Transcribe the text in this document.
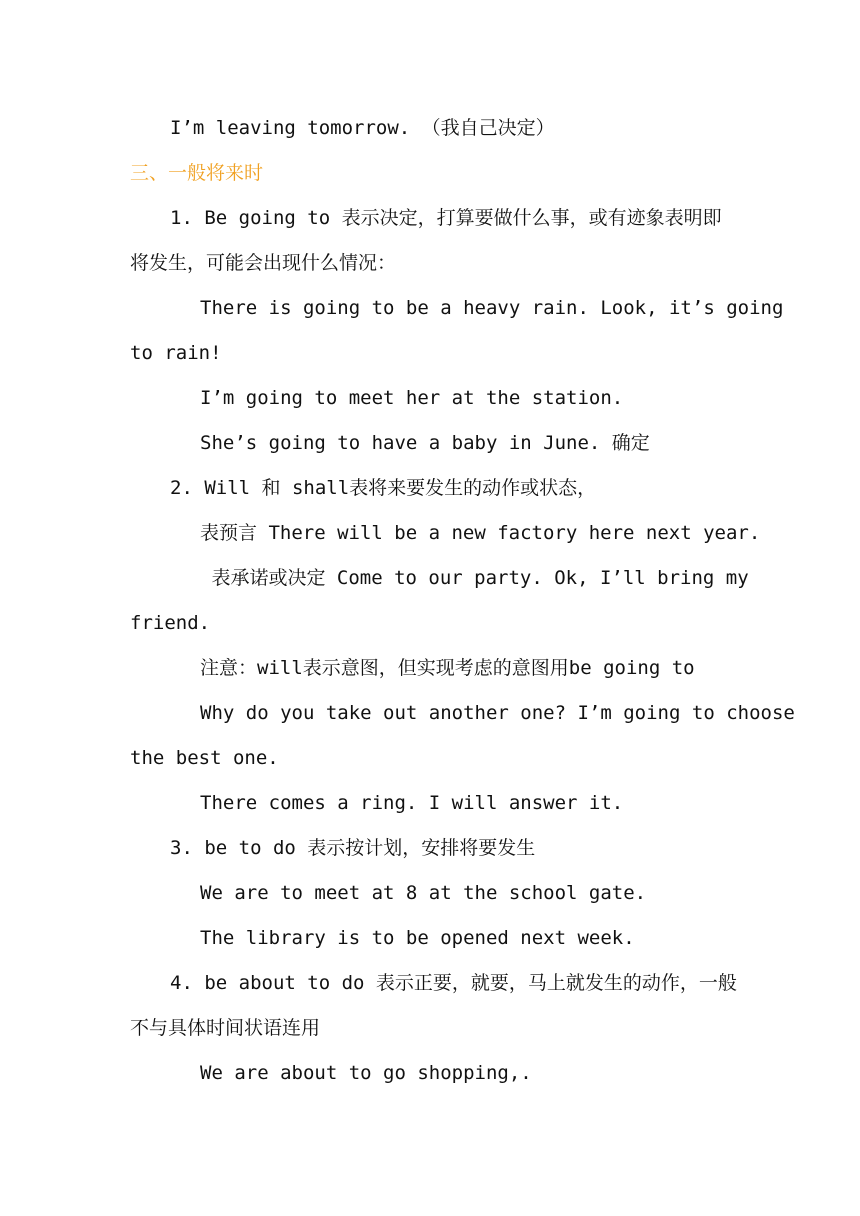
I’m leaving tomorrow. （我自己决定）
三、一般将来时
1. Be going to 表示决定，打算要做什么事，或有迹象表明即
将发生，可能会出现什么情况：
There is going to be a heavy rain. Look, it’s going
to rain!
I’m going to meet her at the station.
She’s going to have a baby in June. 确定
2. Will 和 shall表将来要发生的动作或状态，
表预言 There will be a new factory here next year.
表承诺或决定 Come to our party. Ok, I’ll bring my
friend.
注意：will表示意图，但实现考虑的意图用be going to
Why do you take out another one? I’m going to choose
the best one.
There comes a ring. I will answer it.
3. be to do 表示按计划，安排将要发生
We are to meet at 8 at the school gate.
The library is to be opened next week.
4. be about to do 表示正要，就要，马上就发生的动作，一般
不与具体时间状语连用
We are about to go shopping,.
